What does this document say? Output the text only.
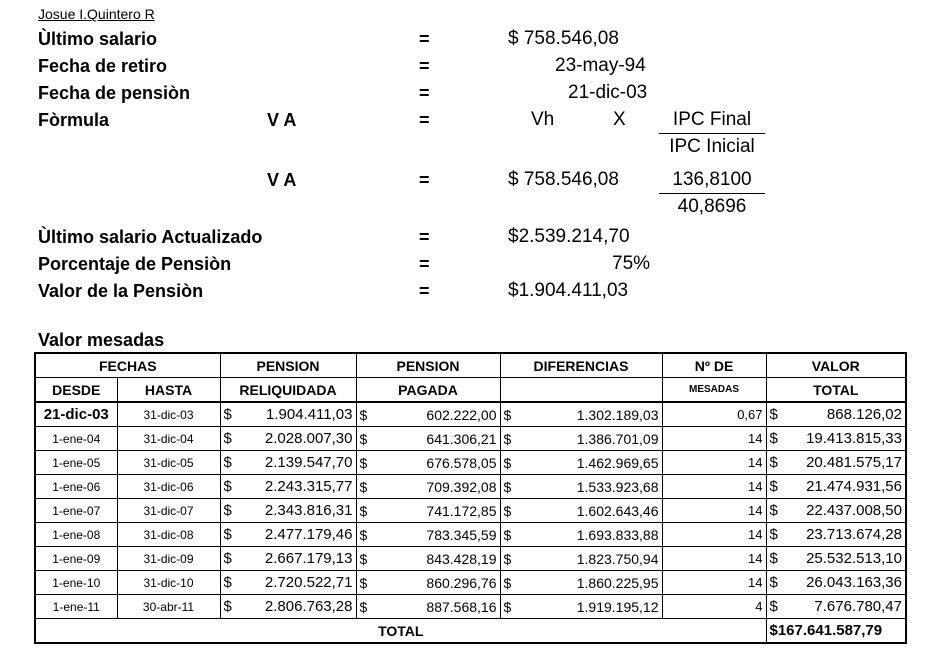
Josue I.Quintero R
Ùltimo salario	=	$ 758.546,08
Fecha de retiro	=	23-may-94
Fecha de pensiòn	=	21-dic-03
Fòrmula	V A	=	Vh	X	IPC Final
IPC Inicial
V A	=	$ 758.546,08	136,8100
40,8696
Ùltimo salario Actualizado	=	$2.539.214,70
Porcentaje de Pensiòn	=	75%
Valor de la Pensiòn	=	$1.904.411,03
Valor mesadas
FECHAS		PENSION	PENSION	DIFERENCIAS	Nº DE	VALOR
DESDE	HASTA	RELIQUIDADA	PAGADA		MESADAS	TOTAL
21-dic-03	31-dic-03	$ 1.904.411,03	$ 602.222,00	$ 1.302.189,03	0,67	$ 868.126,02

1-ene-04	31-dic-04	$ 2.028.007,30	$ 641.306,21	$ 1.386.701,09	14	$ 19.413.815,33

1-ene-05	31-dic-05	$ 2.139.547,70	$ 676.578,05	$ 1.462.969,65	14	$ 20.481.575,17

1-ene-06	31-dic-06	$ 2.243.315,77	$ 709.392,08	$ 1.533.923,68	14	$ 21.474.931,56

1-ene-07	31-dic-07	$ 2.343.816,31	$ 741.172,85	$ 1.602.643,46	14	$ 22.437.008,50

1-ene-08	31-dic-08	$ 2.477.179,46	$ 783.345,59	$ 1.693.833,88	14	$ 23.713.674,28

1-ene-09	31-dic-09	$ 2.667.179,13	$ 843.428,19	$ 1.823.750,94	14	$ 25.532.513,10

1-ene-10	31-dic-10	$ 2.720.522,71	$ 860.296,76	$ 1.860.225,95	14	$ 26.043.163,36

1-ene-11	30-abr-11	$ 2.806.763,28	$ 887.568,16	$ 1.919.195,12	4	$ 7.676.780,47

TOTAL						$167.641.587,79
